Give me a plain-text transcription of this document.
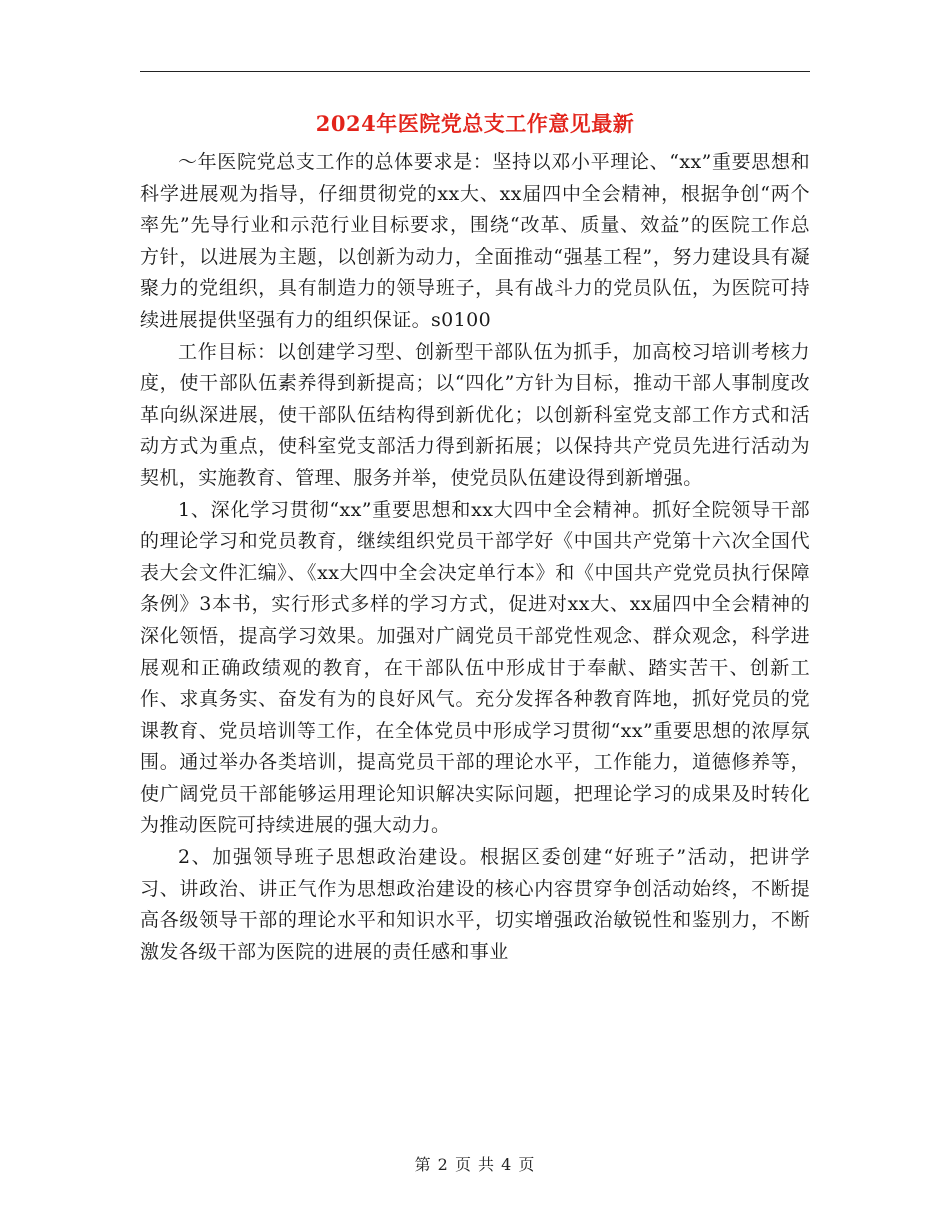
2024年医院党总支工作意见最新

～年医院党总支工作的总体要求是：坚持以邓小平理论、“xx”重要思想和科学进展观为指导，仔细贯彻党的xx大、xx届四中全会精神，根据争创“两个率先”先导行业和示范行业目标要求，围绕“改革、质量、效益”的医院工作总方针，以进展为主题，以创新为动力，全面推动“强基工程”，努力建设具有凝聚力的党组织，具有制造力的领导班子，具有战斗力的党员队伍，为医院可持续进展提供坚强有力的组织保证。s0100

工作目标：以创建学习型、创新型干部队伍为抓手，加高校习培训考核力度，使干部队伍素养得到新提高；以“四化”方针为目标，推动干部人事制度改革向纵深进展，使干部队伍结构得到新优化；以创新科室党支部工作方式和活动方式为重点，使科室党支部活力得到新拓展；以保持共产党员先进行活动为契机，实施教育、管理、服务并举，使党员队伍建设得到新增强。

1、深化学习贯彻“xx”重要思想和xx大四中全会精神。抓好全院领导干部的理论学习和党员教育，继续组织党员干部学好《中国共产党第十六次全国代表大会文件汇编》、《xx大四中全会决定单行本》和《中国共产党党员执行保障条例》3本书，实行形式多样的学习方式，促进对xx大、xx届四中全会精神的深化领悟，提高学习效果。加强对广阔党员干部党性观念、群众观念，科学进展观和正确政绩观的教育，在干部队伍中形成甘于奉献、踏实苦干、创新工作、求真务实、奋发有为的良好风气。充分发挥各种教育阵地，抓好党员的党课教育、党员培训等工作，在全体党员中形成学习贯彻“xx”重要思想的浓厚氛围。通过举办各类培训，提高党员干部的理论水平，工作能力，道德修养等，使广阔党员干部能够运用理论知识解决实际问题，把理论学习的成果及时转化为推动医院可持续进展的强大动力。

2、加强领导班子思想政治建设。根据区委创建“好班子”活动，把讲学习、讲政治、讲正气作为思想政治建设的核心内容贯穿争创活动始终，不断提高各级领导干部的理论水平和知识水平，切实增强政治敏锐性和鉴别力，不断激发各级干部为医院的进展的责任感和事业

第 2 页 共 4 页
